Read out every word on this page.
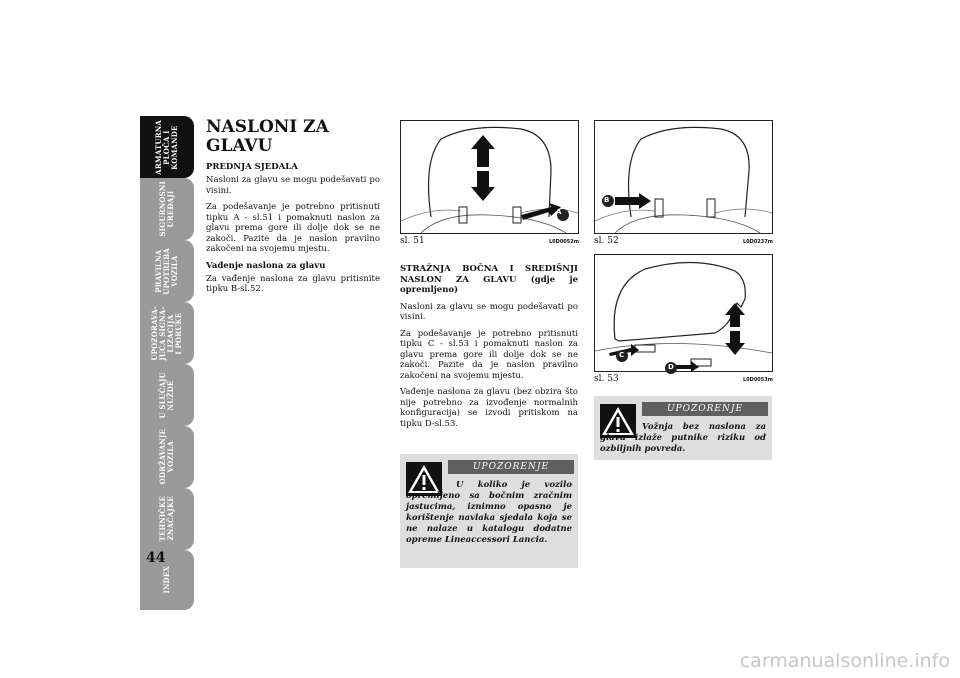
ARMATURNA
PLOČA I
KOMANDE
SIGURNOSNI
UREĐAJI
PRAVILNA
UPOTREBA
VOZILA
UPOZORAVA-
JUĆA SIGNA-
LIZACIJA
I PORUKE
U SLUČAJU
NUŽDE
ODRŽAVANJE
VOZILA
TEHNIČKE
ZNAČAJKE
INDEX
44
NASLONI ZA
GLAVU
PREDNJA SJEDALA

Nasloni za glavu se mogu podešavati po visini.

Za podešavanje je potrebno pritisnuti tipku A - sl.51 i pomaknuti naslon za glavu prema gore ili dolje dok se ne zakoči. Pazite da je naslon pravilno zakočeni na svojemu mjestu.

Vađenje naslona za glavu

Za vađenje naslona za glavu pritisnite tipku B-sl.52.

A
sl. 51	L0D0052m
B
sl. 52	L0D0237m
C
D
sl. 53	L0D0053m
STRAŽNJA BOČNA I SREDIŠNJI NASLON ZA GLAVU (gdje je opremljeno)

Nasloni za glavu se mogu podešavati po visini.

Za podešavanje je potrebno pritisnuti tipku C - sl.53 i pomaknuti naslon za glavu prema gore ili dolje dok se ne zakoči. Pazite da je naslon pravilno zakočeni na svojemu mjestu.

Vađenje naslona za glavu (bez obzira što nije potrebno za izvođenje normalnih konfiguracija) se izvodi pritiskom na tipku D-sl.53.

UPOZORENJE
U koliko je vozilo opremljeno sa bočnim zračnim jastucima, iznimno opasno je korištenje navlaka sjedala koja se ne nalaze u katalogu dodatne opreme Lineaccessori Lancia.
UPOZORENJE
Vožnja bez naslona za glavu izlaže putnike riziku od ozbiljnih povreda.
carmanualsonline.info
